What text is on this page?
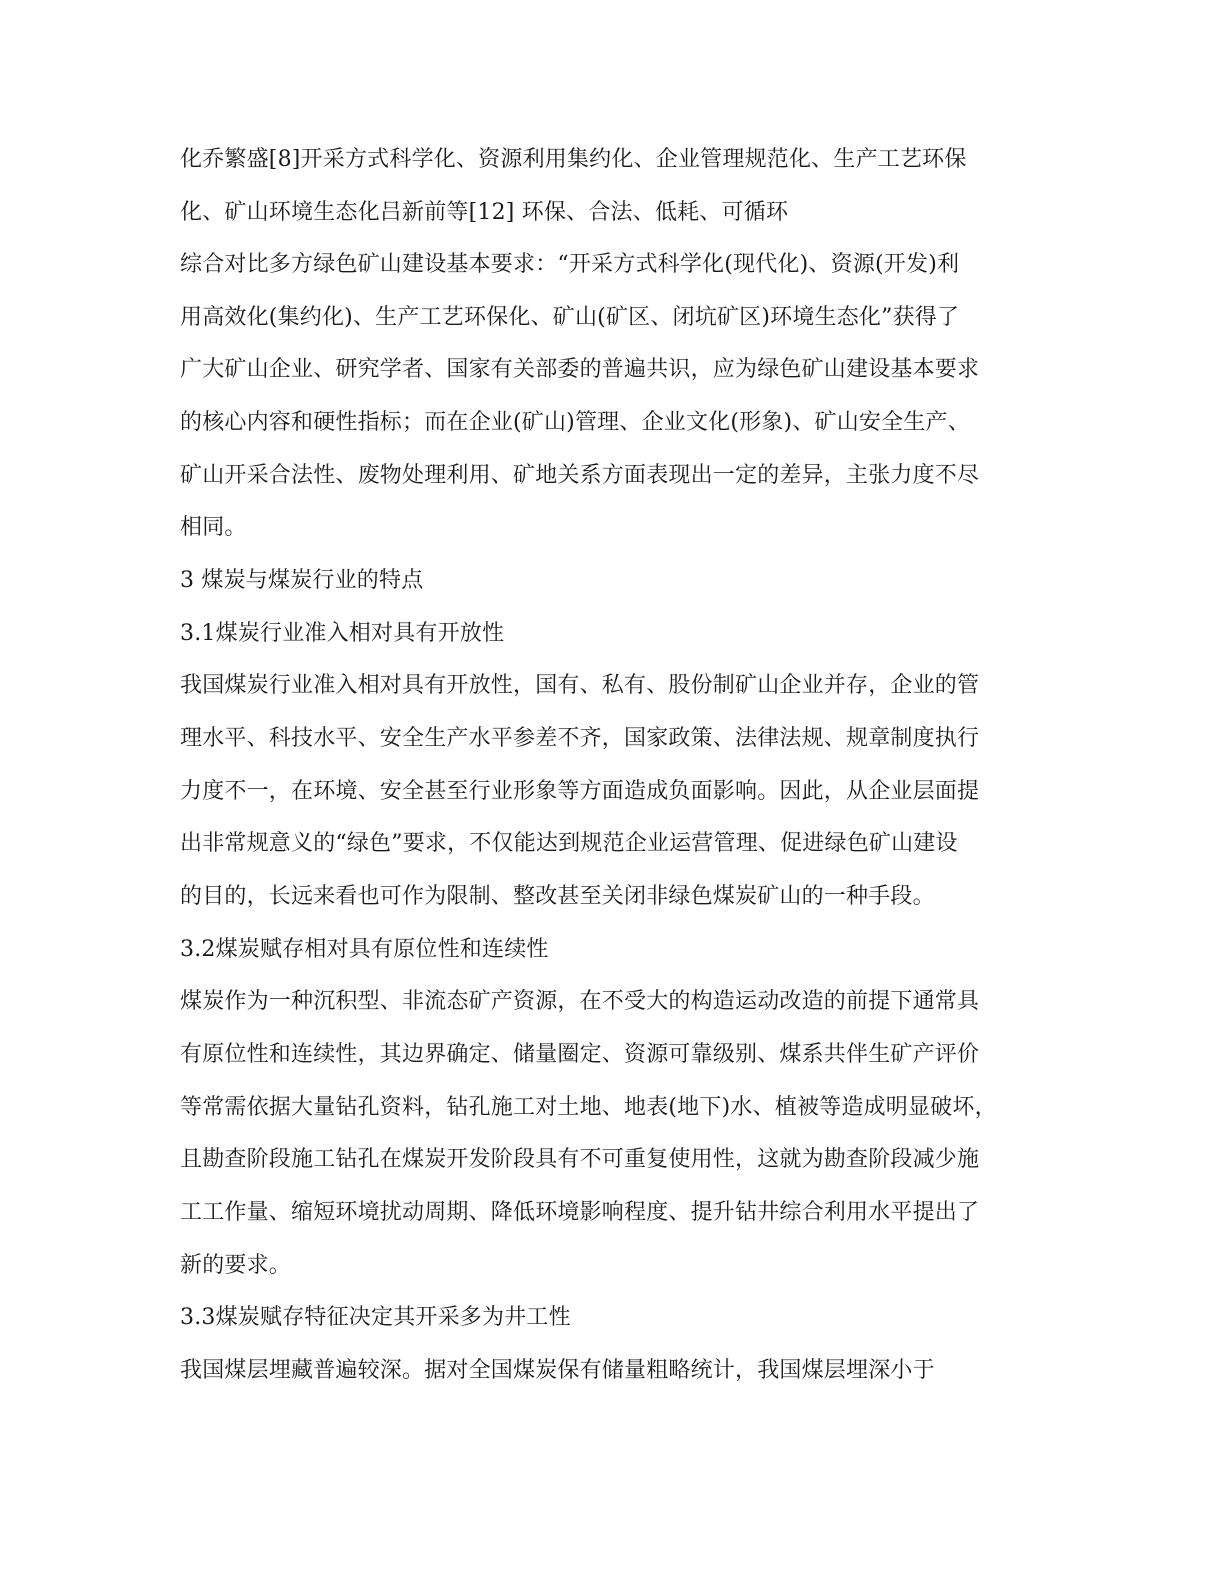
化乔繁盛[8]开采方式科学化、资源利用集约化、企业管理规范化、生产工艺环保
化、矿山环境生态化吕新前等[12] 环保、合法、低耗、可循环
综合对比多方绿色矿山建设基本要求：“开采方式科学化(现代化)、资源(开发)利
用高效化(集约化)、生产工艺环保化、矿山(矿区、闭坑矿区)环境生态化”获得了
广大矿山企业、研究学者、国家有关部委的普遍共识，应为绿色矿山建设基本要求
的核心内容和硬性指标；而在企业(矿山)管理、企业文化(形象)、矿山安全生产、
矿山开采合法性、废物处理利用、矿地关系方面表现出一定的差异，主张力度不尽
相同。
3 煤炭与煤炭行业的特点
3.1煤炭行业准入相对具有开放性
我国煤炭行业准入相对具有开放性，国有、私有、股份制矿山企业并存，企业的管
理水平、科技水平、安全生产水平参差不齐，国家政策、法律法规、规章制度执行
力度不一，在环境、安全甚至行业形象等方面造成负面影响。因此，从企业层面提
出非常规意义的“绿色”要求，不仅能达到规范企业运营管理、促进绿色矿山建设
的目的，长远来看也可作为限制、整改甚至关闭非绿色煤炭矿山的一种手段。
3.2煤炭赋存相对具有原位性和连续性
煤炭作为一种沉积型、非流态矿产资源，在不受大的构造运动改造的前提下通常具
有原位性和连续性，其边界确定、储量圈定、资源可靠级别、煤系共伴生矿产评价
等常需依据大量钻孔资料，钻孔施工对土地、地表(地下)水、植被等造成明显破坏，
且勘查阶段施工钻孔在煤炭开发阶段具有不可重复使用性，这就为勘查阶段减少施
工工作量、缩短环境扰动周期、降低环境影响程度、提升钻井综合利用水平提出了
新的要求。
3.3煤炭赋存特征决定其开采多为井工性
我国煤层埋藏普遍较深。据对全国煤炭保有储量粗略统计，我国煤层埋深小于
